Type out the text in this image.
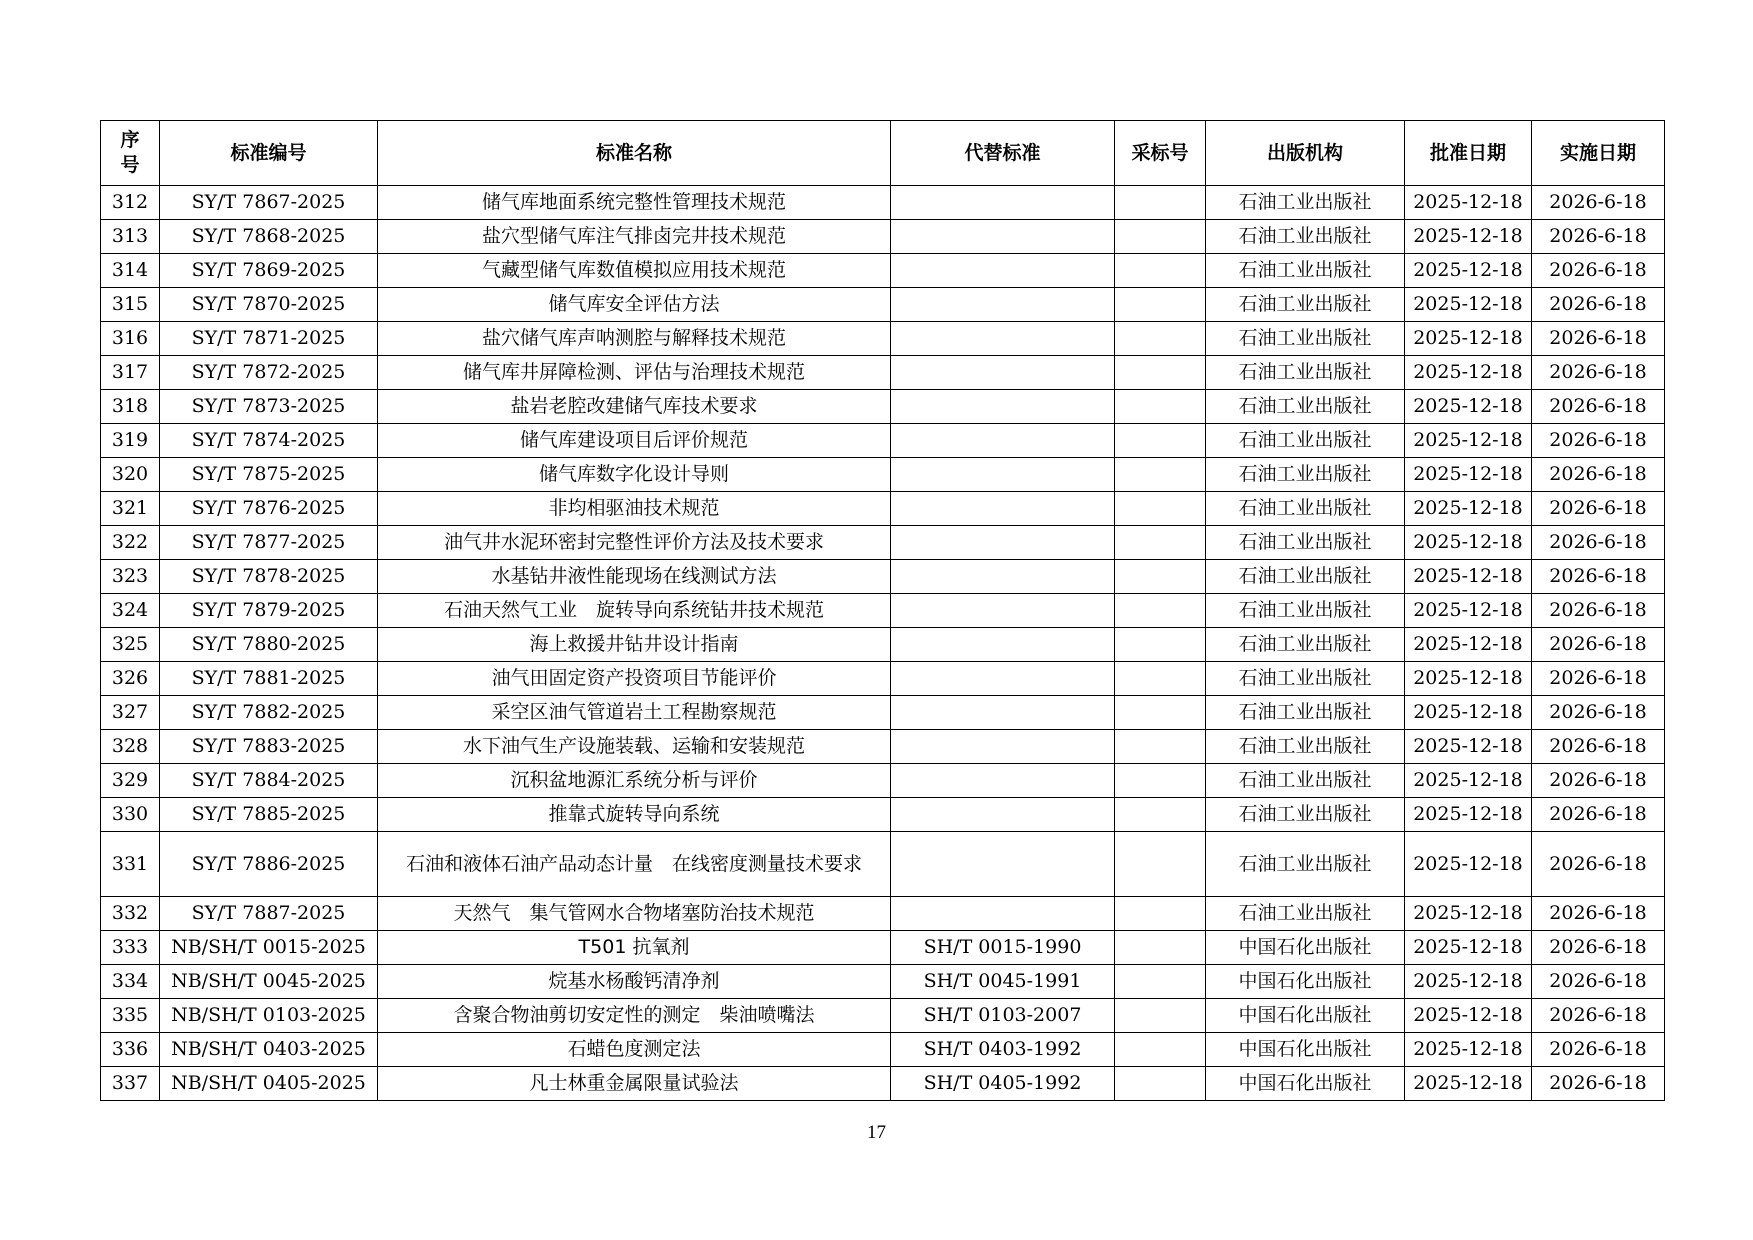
序号	标准编号	标准名称	代替标准	采标号	出版机构	批准日期	实施日期
312	SY/T 7867-2025	储气库地面系统完整性管理技术规范			石油工业出版社	2025-12-18	2026-6-18
313	SY/T 7868-2025	盐穴型储气库注气排卤完井技术规范			石油工业出版社	2025-12-18	2026-6-18
314	SY/T 7869-2025	气藏型储气库数值模拟应用技术规范			石油工业出版社	2025-12-18	2026-6-18
315	SY/T 7870-2025	储气库安全评估方法			石油工业出版社	2025-12-18	2026-6-18
316	SY/T 7871-2025	盐穴储气库声呐测腔与解释技术规范			石油工业出版社	2025-12-18	2026-6-18
317	SY/T 7872-2025	储气库井屏障检测、评估与治理技术规范			石油工业出版社	2025-12-18	2026-6-18
318	SY/T 7873-2025	盐岩老腔改建储气库技术要求			石油工业出版社	2025-12-18	2026-6-18
319	SY/T 7874-2025	储气库建设项目后评价规范			石油工业出版社	2025-12-18	2026-6-18
320	SY/T 7875-2025	储气库数字化设计导则			石油工业出版社	2025-12-18	2026-6-18
321	SY/T 7876-2025	非均相驱油技术规范			石油工业出版社	2025-12-18	2026-6-18
322	SY/T 7877-2025	油气井水泥环密封完整性评价方法及技术要求			石油工业出版社	2025-12-18	2026-6-18
323	SY/T 7878-2025	水基钻井液性能现场在线测试方法			石油工业出版社	2025-12-18	2026-6-18
324	SY/T 7879-2025	石油天然气工业　旋转导向系统钻井技术规范			石油工业出版社	2025-12-18	2026-6-18
325	SY/T 7880-2025	海上救援井钻井设计指南			石油工业出版社	2025-12-18	2026-6-18
326	SY/T 7881-2025	油气田固定资产投资项目节能评价			石油工业出版社	2025-12-18	2026-6-18
327	SY/T 7882-2025	采空区油气管道岩土工程勘察规范			石油工业出版社	2025-12-18	2026-6-18
328	SY/T 7883-2025	水下油气生产设施装载、运输和安装规范			石油工业出版社	2025-12-18	2026-6-18
329	SY/T 7884-2025	沉积盆地源汇系统分析与评价			石油工业出版社	2025-12-18	2026-6-18
330	SY/T 7885-2025	推靠式旋转导向系统			石油工业出版社	2025-12-18	2026-6-18
331	SY/T 7886-2025	石油和液体石油产品动态计量　在线密度测量技术要求			石油工业出版社	2025-12-18	2026-6-18
332	SY/T 7887-2025	天然气　集气管网水合物堵塞防治技术规范			石油工业出版社	2025-12-18	2026-6-18
333	NB/SH/T 0015-2025	T501 抗氧剂	SH/T 0015-1990		中国石化出版社	2025-12-18	2026-6-18
334	NB/SH/T 0045-2025	烷基水杨酸钙清净剂	SH/T 0045-1991		中国石化出版社	2025-12-18	2026-6-18
335	NB/SH/T 0103-2025	含聚合物油剪切安定性的测定　柴油喷嘴法	SH/T 0103-2007		中国石化出版社	2025-12-18	2026-6-18
336	NB/SH/T 0403-2025	石蜡色度测定法	SH/T 0403-1992		中国石化出版社	2025-12-18	2026-6-18
337	NB/SH/T 0405-2025	凡士林重金属限量试验法	SH/T 0405-1992		中国石化出版社	2025-12-18	2026-6-18
17
